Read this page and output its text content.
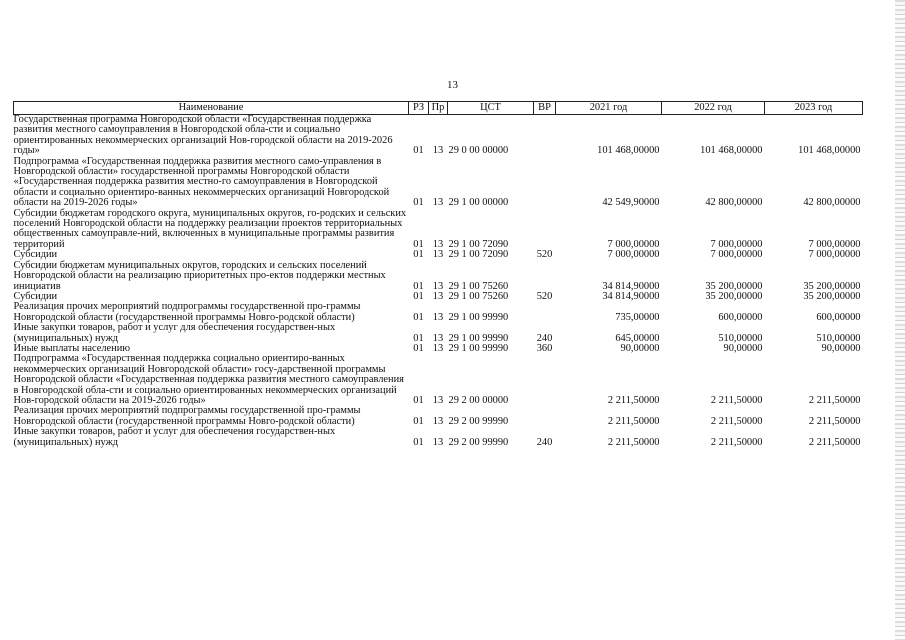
13
Наименование	РЗ	Пр	ЦСТ	ВР	2021 год	2022 год	2023 год
Государственная программа Новгородской области «Государственная поддержка развития местного самоуправления в Новгородской обла-сти и социально ориентированных некоммерческих организаций Нов-городской области на 2019-2026 годы»	01	13	29 0 00 00000		101 468,00000	101 468,00000	101 468,00000
Подпрограмма «Государственная поддержка развития местного само-управления в Новгородской области» государственной программы Новгородской области «Государственная поддержка развития местно-го самоуправления в Новгородской области и социально ориентиро-ванных некоммерческих организаций Новгородской области на 2019-2026 годы»	01	13	29 1 00 00000		42 549,90000	42 800,00000	42 800,00000
Субсидии бюджетам городского округа, муниципальных округов, го-родских и сельских поселений Новгородской области на поддержку реализации проектов территориальных общественных самоуправле-ний, включенных в муниципальные программы развития территорий	01	13	29 1 00 72090		7 000,00000	7 000,00000	7 000,00000
Субсидии	01	13	29 1 00 72090	520	7 000,00000	7 000,00000	7 000,00000
Субсидии бюджетам муниципальных округов, городских и сельских поселений Новгородской области на реализацию приоритетных про-ектов поддержки местных инициатив	01	13	29 1 00 75260		34 814,90000	35 200,00000	35 200,00000
Субсидии	01	13	29 1 00 75260	520	34 814,90000	35 200,00000	35 200,00000
Реализация прочих мероприятий подпрограммы государственной про-граммы Новгородской области (государственной программы Новго-родской области)	01	13	29 1 00 99990		735,00000	600,00000	600,00000
Иные закупки товаров, работ и услуг для обеспечения государствен-ных (муниципальных) нужд	01	13	29 1 00 99990	240	645,00000	510,00000	510,00000
Иные выплаты населению	01	13	29 1 00 99990	360	90,00000	90,00000	90,00000
Подпрограмма «Государственная поддержка социально ориентиро-ванных некоммерческих организаций Новгородской области» госу-дарственной программы Новгородской области «Государственная поддержка развития местного самоуправления в Новгородской обла-сти и социально ориентированных некоммерческих организаций Нов-городской области на 2019-2026 годы»	01	13	29 2 00 00000		2 211,50000	2 211,50000	2 211,50000
Реализация прочих мероприятий подпрограммы государственной про-граммы Новгородской области (государственной программы Новго-родской области)	01	13	29 2 00 99990		2 211,50000	2 211,50000	2 211,50000
Иные закупки товаров, работ и услуг для обеспечения государствен-ных (муниципальных) нужд	01	13	29 2 00 99990	240	2 211,50000	2 211,50000	2 211,50000
